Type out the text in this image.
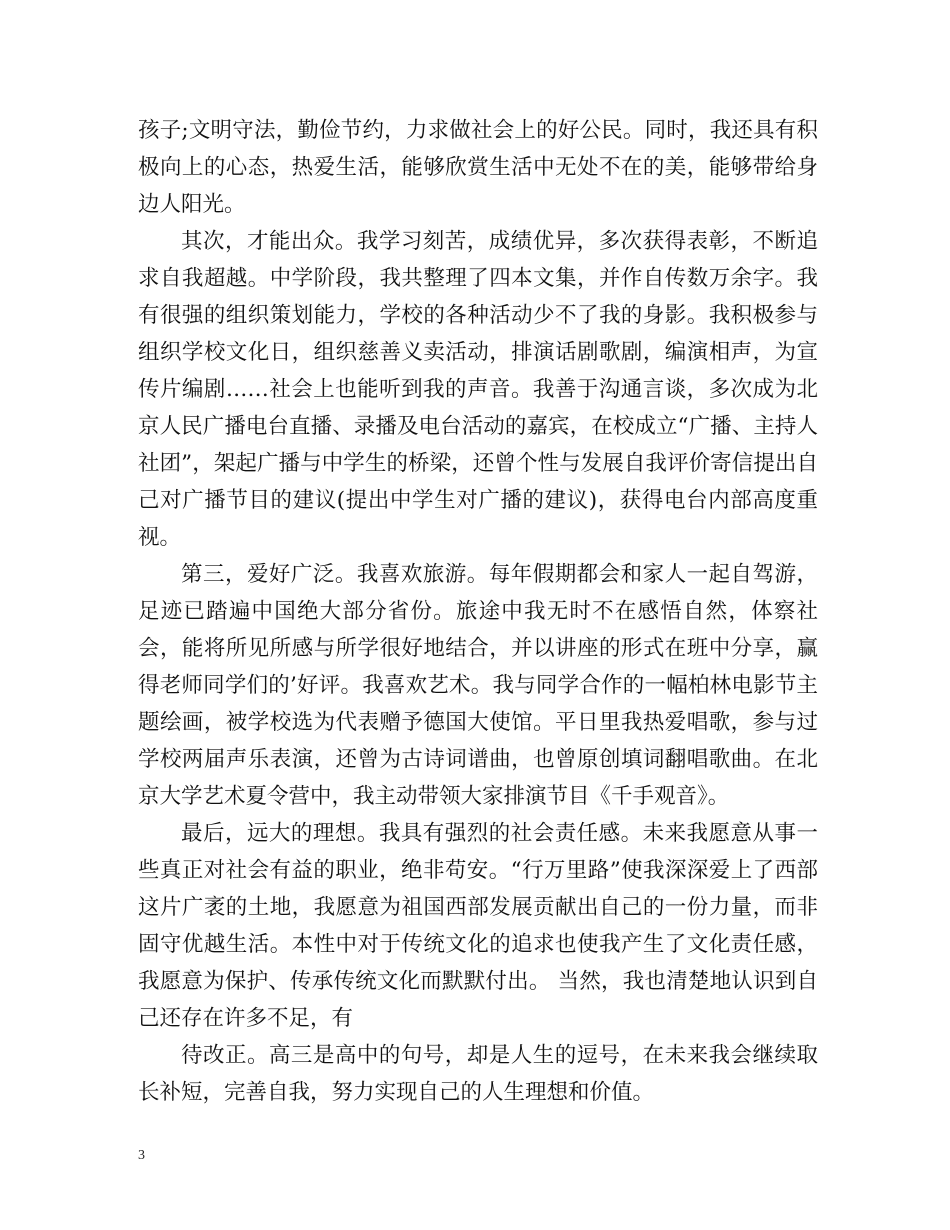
孩子;文明守法，勤俭节约，力求做社会上的好公民。同时，我还具有积极向上的心态，热爱生活，能够欣赏生活中无处不在的美，能够带给身边人阳光。

其次，才能出众。我学习刻苦，成绩优异，多次获得表彰，不断追求自我超越。中学阶段，我共整理了四本文集，并作自传数万余字。我有很强的组织策划能力，学校的各种活动少不了我的身影。我积极参与组织学校文化日，组织慈善义卖活动，排演话剧歌剧，编演相声，为宣传片编剧……社会上也能听到我的声音。我善于沟通言谈，多次成为北京人民广播电台直播、录播及电台活动的嘉宾，在校成立“广播、主持人社团”，架起广播与中学生的桥梁，还曾个性与发展自我评价寄信提出自己对广播节目的建议(提出中学生对广播的建议)，获得电台内部高度重视。

第三，爱好广泛。我喜欢旅游。每年假期都会和家人一起自驾游，足迹已踏遍中国绝大部分省份。旅途中我无时不在感悟自然，体察社会，能将所见所感与所学很好地结合，并以讲座的形式在班中分享，赢得老师同学们的’好评。我喜欢艺术。我与同学合作的一幅柏林电影节主题绘画，被学校选为代表赠予德国大使馆。平日里我热爱唱歌，参与过学校两届声乐表演，还曾为古诗词谱曲，也曾原创填词翻唱歌曲。在北京大学艺术夏令营中，我主动带领大家排演节目《千手观音》。

最后，远大的理想。我具有强烈的社会责任感。未来我愿意从事一些真正对社会有益的职业，绝非苟安。“行万里路”使我深深爱上了西部这片广袤的土地，我愿意为祖国西部发展贡献出自己的一份力量，而非固守优越生活。本性中对于传统文化的追求也使我产生了文化责任感，我愿意为保护、传承传统文化而默默付出。 当然，我也清楚地认识到自己还存在许多不足，有

待改正。高三是高中的句号，却是人生的逗号，在未来我会继续取长补短，完善自我，努力实现自己的人生理想和价值。

3
